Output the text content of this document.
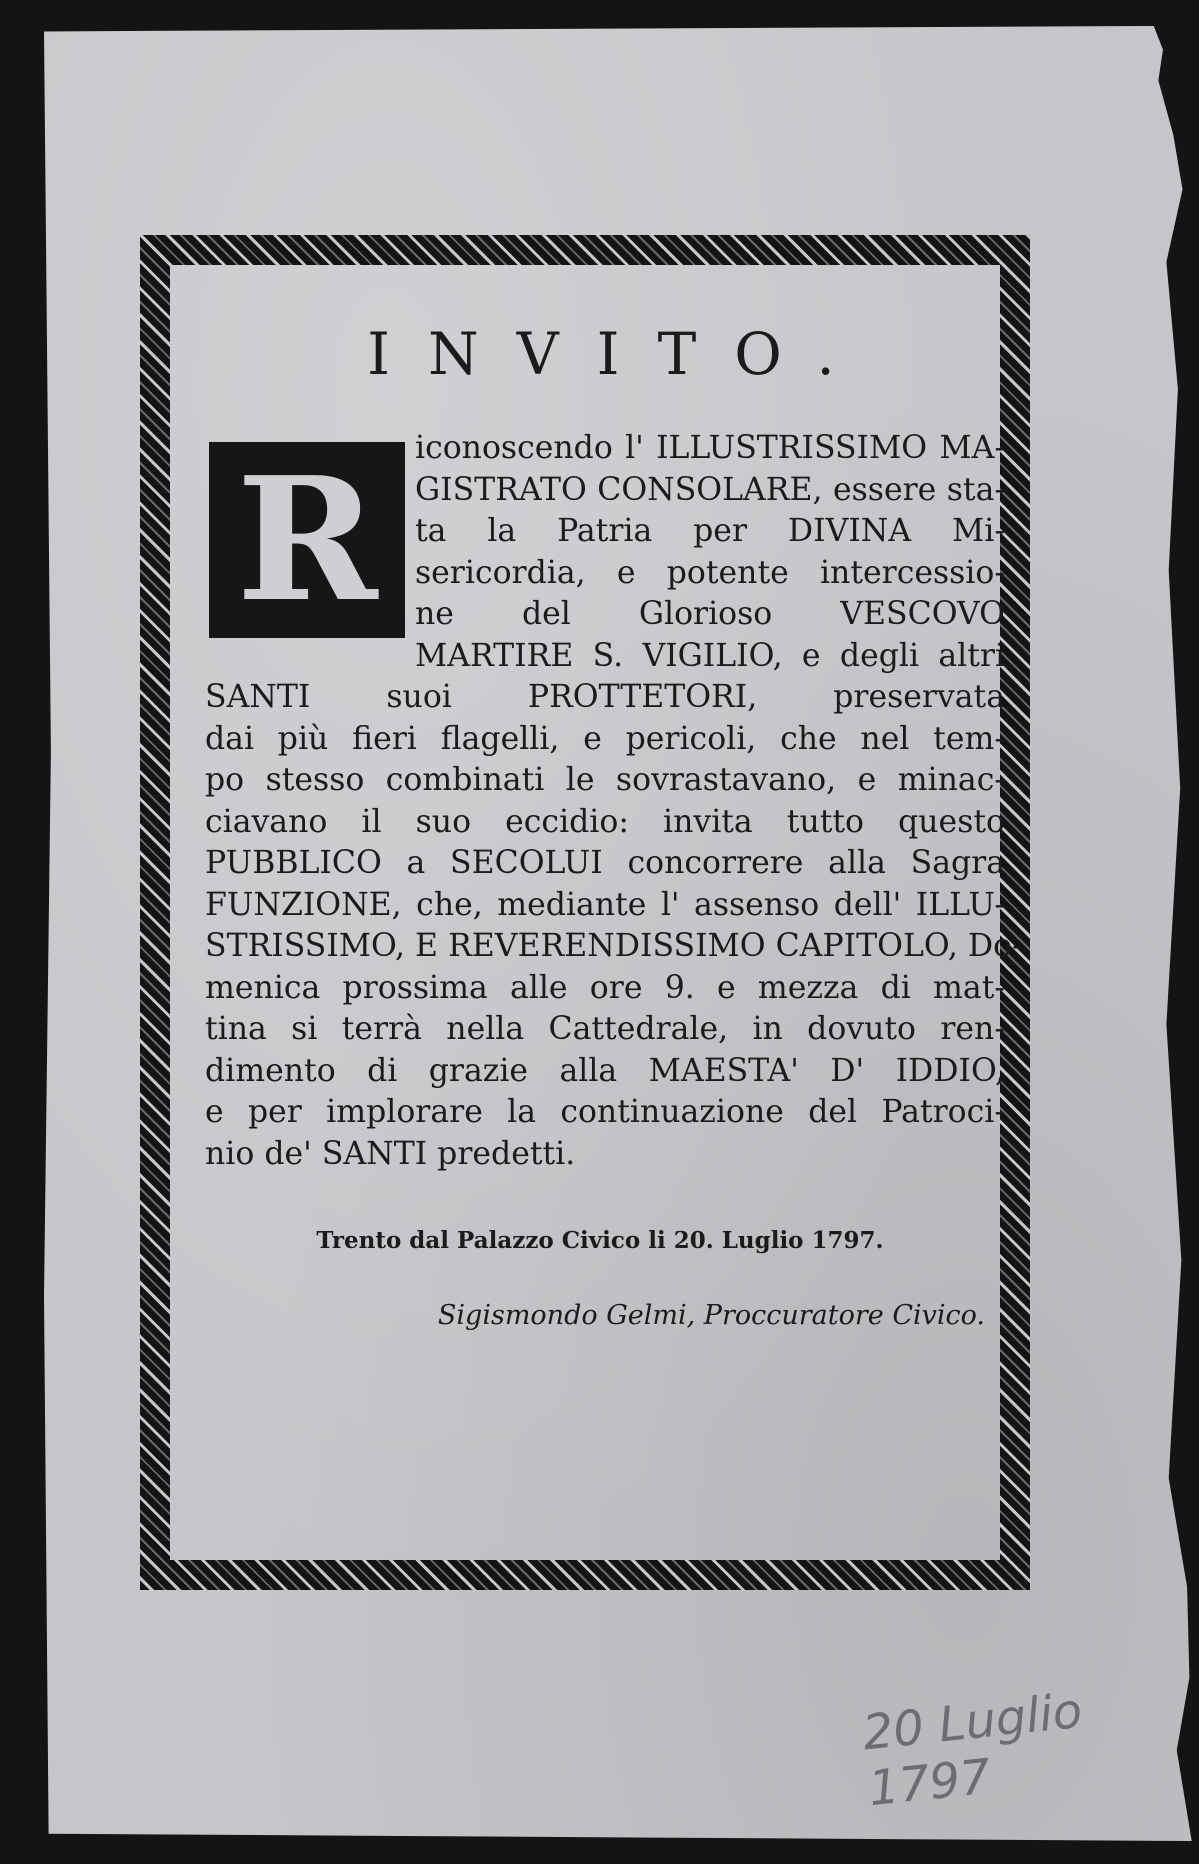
INVITO.
R	iconoscendo l' ILLUSTRISSIMO MA-

GISTRATO CONSOLARE, essere sta-

ta la Patria per DIVINA Mi-

sericordia, e potente intercessio-

ne del Glorioso VESCOVO

MARTIRE S. VIGILIO, e degli altri

SANTI suoi PROTTETORI, preservata

dai più fieri flagelli, e pericoli, che nel tem-

po stesso combinati le sovrastavano, e minac-

ciavano il suo eccidio: invita tutto questo

PUBBLICO a SECOLUI concorrere alla Sagra

FUNZIONE, che, mediante l' assenso dell' ILLU-

STRISSIMO, E REVERENDISSIMO CAPITOLO, Do-

menica prossima alle ore 9. e mezza di mat-

tina si terrà nella Cattedrale, in dovuto ren-

dimento di grazie alla MAESTA' D' IDDIO,

e per implorare la continuazione del Patroci-

nio de' SANTI predetti.

Trento dal Palazzo Civico li 20. Luglio 1797.

Sigismondo Gelmi, Proccuratore Civico.

20 Luglio 1797
